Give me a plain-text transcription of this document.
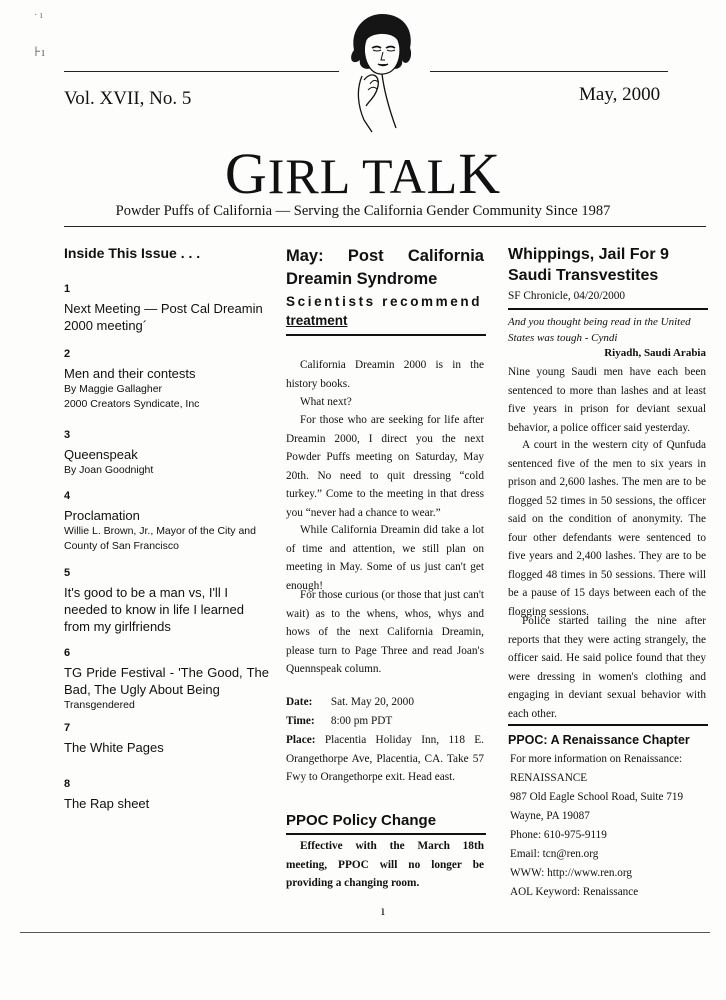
· ı
⊦ı
Vol. XVII, No. 5	May, 2000
GIRL TALK
Powder Puffs of California — Serving the California Gender Community Since 1987
Inside This Issue . . .
1
Next Meeting — Post Cal Dreamin 2000 meeting´
2
Men and their contests
By Maggie Gallagher
2000 Creators Syndicate, Inc
3
Queenspeak
By Joan Goodnight
4
Proclamation
Willie L. Brown, Jr., Mayor of the City and County of San Francisco
5
It's good to be a man vs, I'll I needed to know in life I learned from my girlfriends
6
TG Pride Festival - 'The Good, The Bad, The Ugly About Being
Transgendered
7
The White Pages
8
The Rap sheet
May: Post California
Dreamin Syndrome
Scientists recommend
treatment
California Dreamin 2000 is in the history books.
What next?
For those who are seeking for life after Dreamin 2000, I direct you the next Powder Puffs meeting on Saturday, May 20th. No need to quit dressing “cold turkey.” Come to the meeting in that dress you “never had a chance to wear.”
While California Dreamin did take a lot of time and attention, we still plan on meeting in May. Some of us just can't get enough!
For those curious (or those that just can't wait) as to the whens, whos, whys and hows of the next California Dreamin, please turn to Page Three and read Joan's Quennspeak column.
Date: Sat. May 20, 2000
Time: 8:00 pm PDT
Place: Placentia Holiday Inn, 118 E. Orangethorpe Ave, Placentia, CA. Take 57 Fwy to Orangethorpe exit. Head east.
PPOC Policy Change
Effective with the March 18th meeting, PPOC will no longer be providing a changing room.
Whippings, Jail For 9 Saudi Transvestites
SF Chronicle, 04/20/2000
And you thought being read in the United States was tough - Cyndi
Riyadh, Saudi Arabia
Nine young Saudi men have each been sentenced to more than lashes and at least five years in prison for deviant sexual behavior, a police officer said yesterday.
A court in the western city of Qunfuda sentenced five of the men to six years in prison and 2,600 lashes. The men are to be flogged 52 times in 50 sessions, the officer said on the condition of anonymity. The four other defendants were sentenced to five years and 2,400 lashes. They are to be flogged 48 times in 50 sessions. There will be a pause of 15 days between each of the flogging sessions.
Police started tailing the nine after reports that they were acting strangely, the officer said. He said police found that they were dressing in women's clothing and engaging in deviant sexual behavior with each other.
PPOC: A Renaissance Chapter
For more information on Renaissance:
RENAISSANCE
987 Old Eagle School Road, Suite 719
Wayne, PA 19087
Phone: 610-975-9119
Email: tcn@ren.org
WWW: http://www.ren.org
AOL Keyword: Renaissance
ı
